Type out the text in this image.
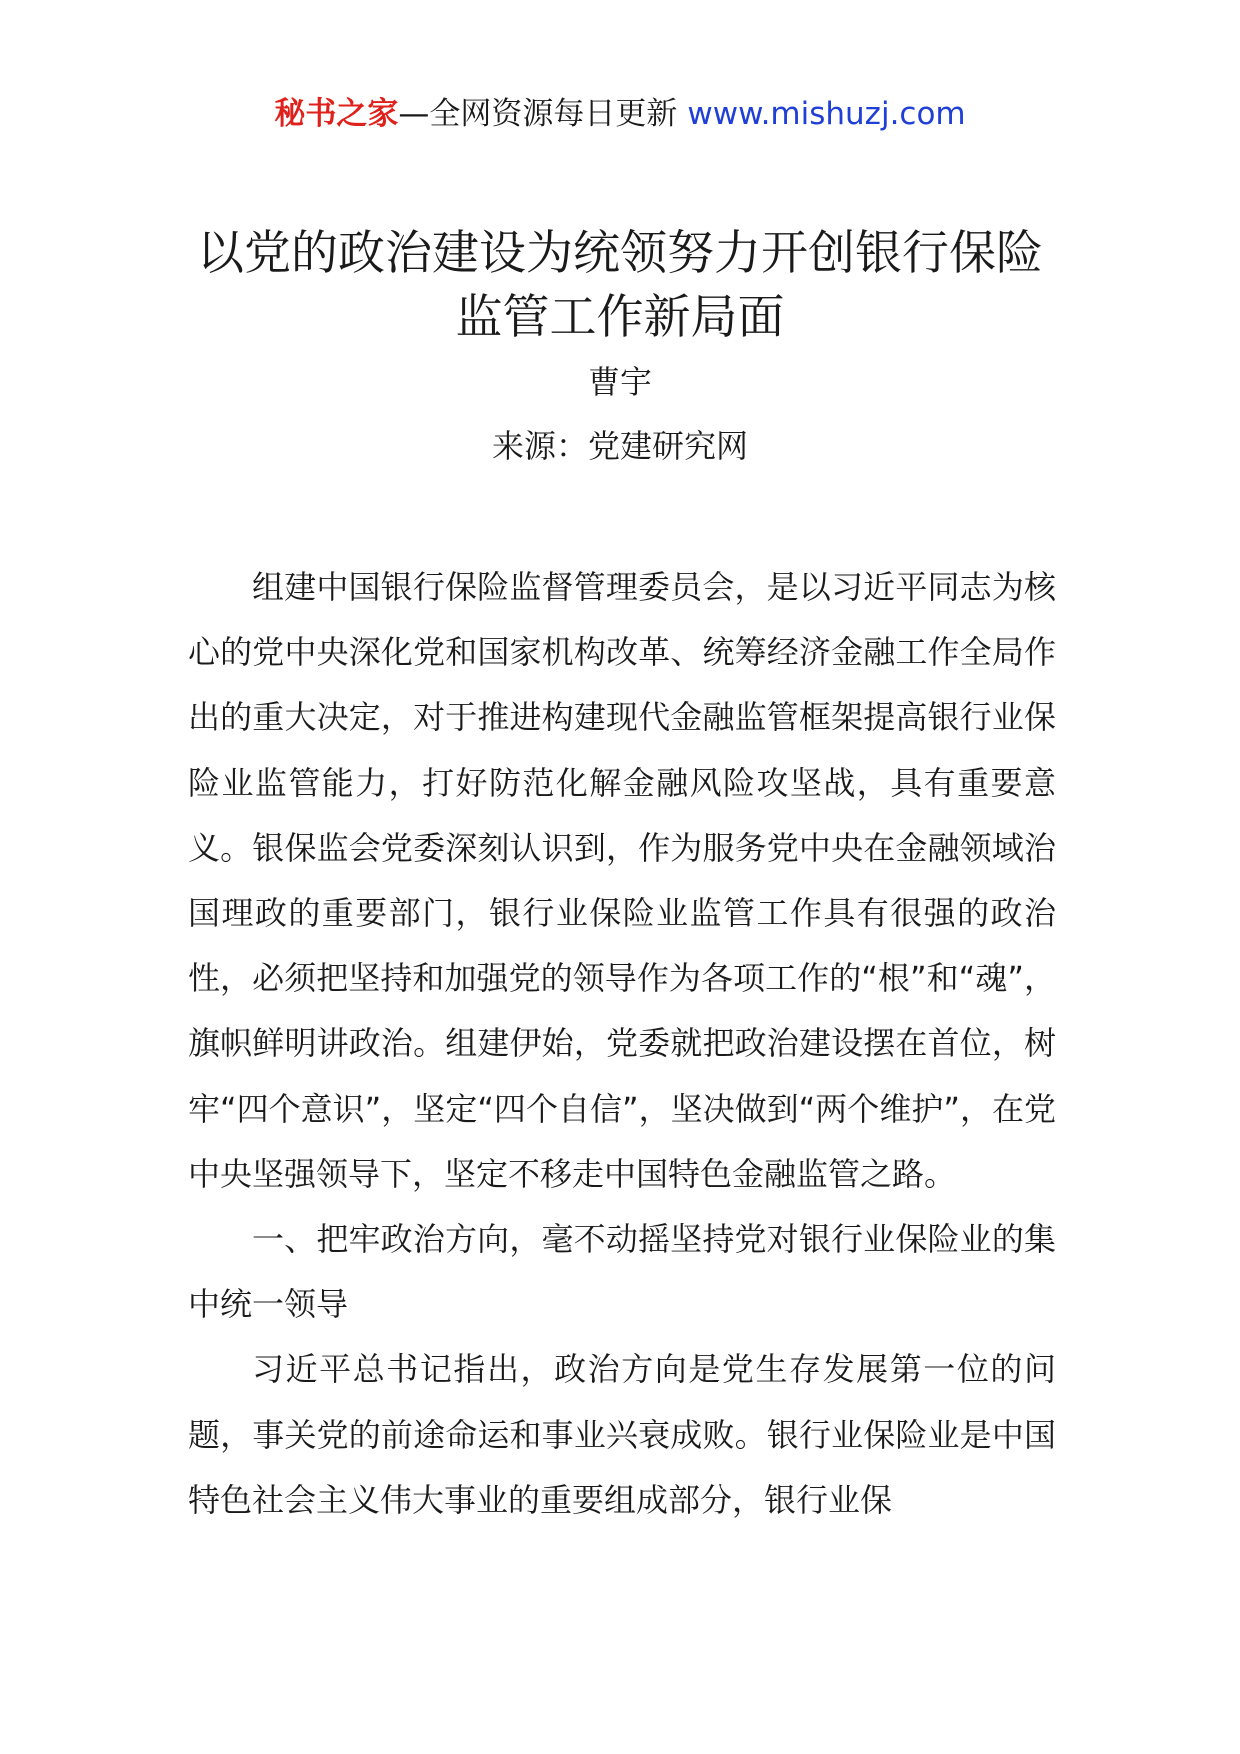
秘书之家—全网资源每日更新 www.mishuzj.com
以党的政治建设为统领努力开创银行保险
监管工作新局面
曹宇
来源：党建研究网

组建中国银行保险监督管理委员会，是以习近平同志为核心的党中央深化党和国家机构改革、统筹经济金融工作全局作出的重大决定，对于推进构建现代金融监管框架提高银行业保险业监管能力，打好防范化解金融风险攻坚战，具有重要意义。银保监会党委深刻认识到，作为服务党中央在金融领域治国理政的重要部门，银行业保险业监管工作具有很强的政治性，必须把坚持和加强党的领导作为各项工作的“根”和“魂”，旗帜鲜明讲政治。组建伊始，党委就把政治建设摆在首位，树牢“四个意识”，坚定“四个自信”，坚决做到“两个维护”，在党中央坚强领导下，坚定不移走中国特色金融监管之路。

一、把牢政治方向，毫不动摇坚持党对银行业保险业的集中统一领导

习近平总书记指出，政治方向是党生存发展第一位的问题，事关党的前途命运和事业兴衰成败。银行业保险业是中国特色社会主义伟大事业的重要组成部分，银行业保
